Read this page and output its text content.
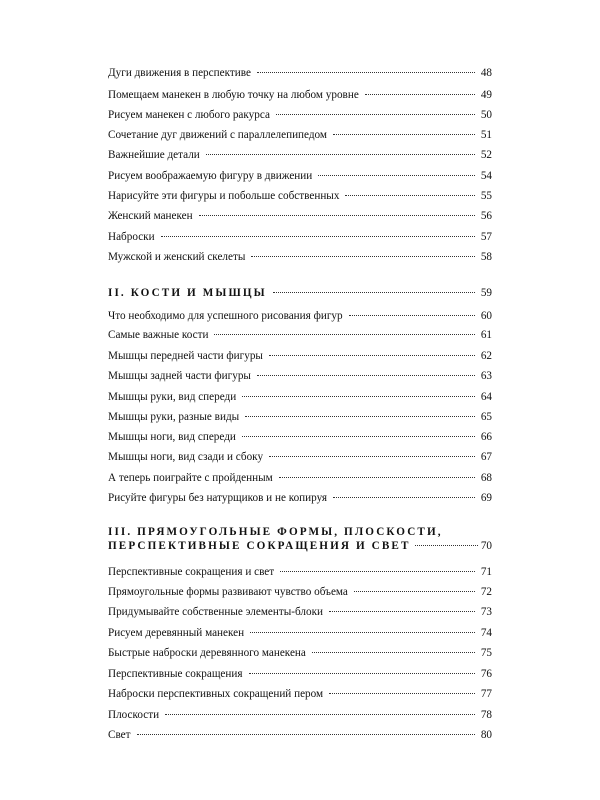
Дуги движения в перспективе	48
Помещаем манекен в любую точку на любом уровне	49
Рисуем манекен с любого ракурса	50
Сочетание дуг движений с параллелепипедом	51
Важнейшие детали	52
Рисуем воображаемую фигуру в движении	54
Нарисуйте эти фигуры и побольше собственных	55
Женский манекен	56
Наброски	57
Мужской и женский скелеты	58
II. КОСТИ И МЫШЦЫ	59
Что необходимо для успешного рисования фигур	60
Самые важные кости	61
Мышцы передней части фигуры	62
Мышцы задней части фигуры	63
Мышцы руки, вид спереди	64
Мышцы руки, разные виды	65
Мышцы ноги, вид спереди	66
Мышцы ноги, вид сзади и сбоку	67
А теперь поиграйте с пройденным	68
Рисуйте фигуры без натурщиков и не копируя	69
III. ПРЯМОУГОЛЬНЫЕ ФОРМЫ, ПЛОСКОСТИ,
ПЕРСПЕКТИВНЫЕ СОКРАЩЕНИЯ И СВЕТ	70
Перспективные сокращения и свет	71
Прямоугольные формы развивают чувство объема	72
Придумывайте собственные элементы-блоки	73
Рисуем деревянный манекен	74
Быстрые наброски деревянного манекена	75
Перспективные сокращения	76
Наброски перспективных сокращений пером	77
Плоскости	78
Свет	80
